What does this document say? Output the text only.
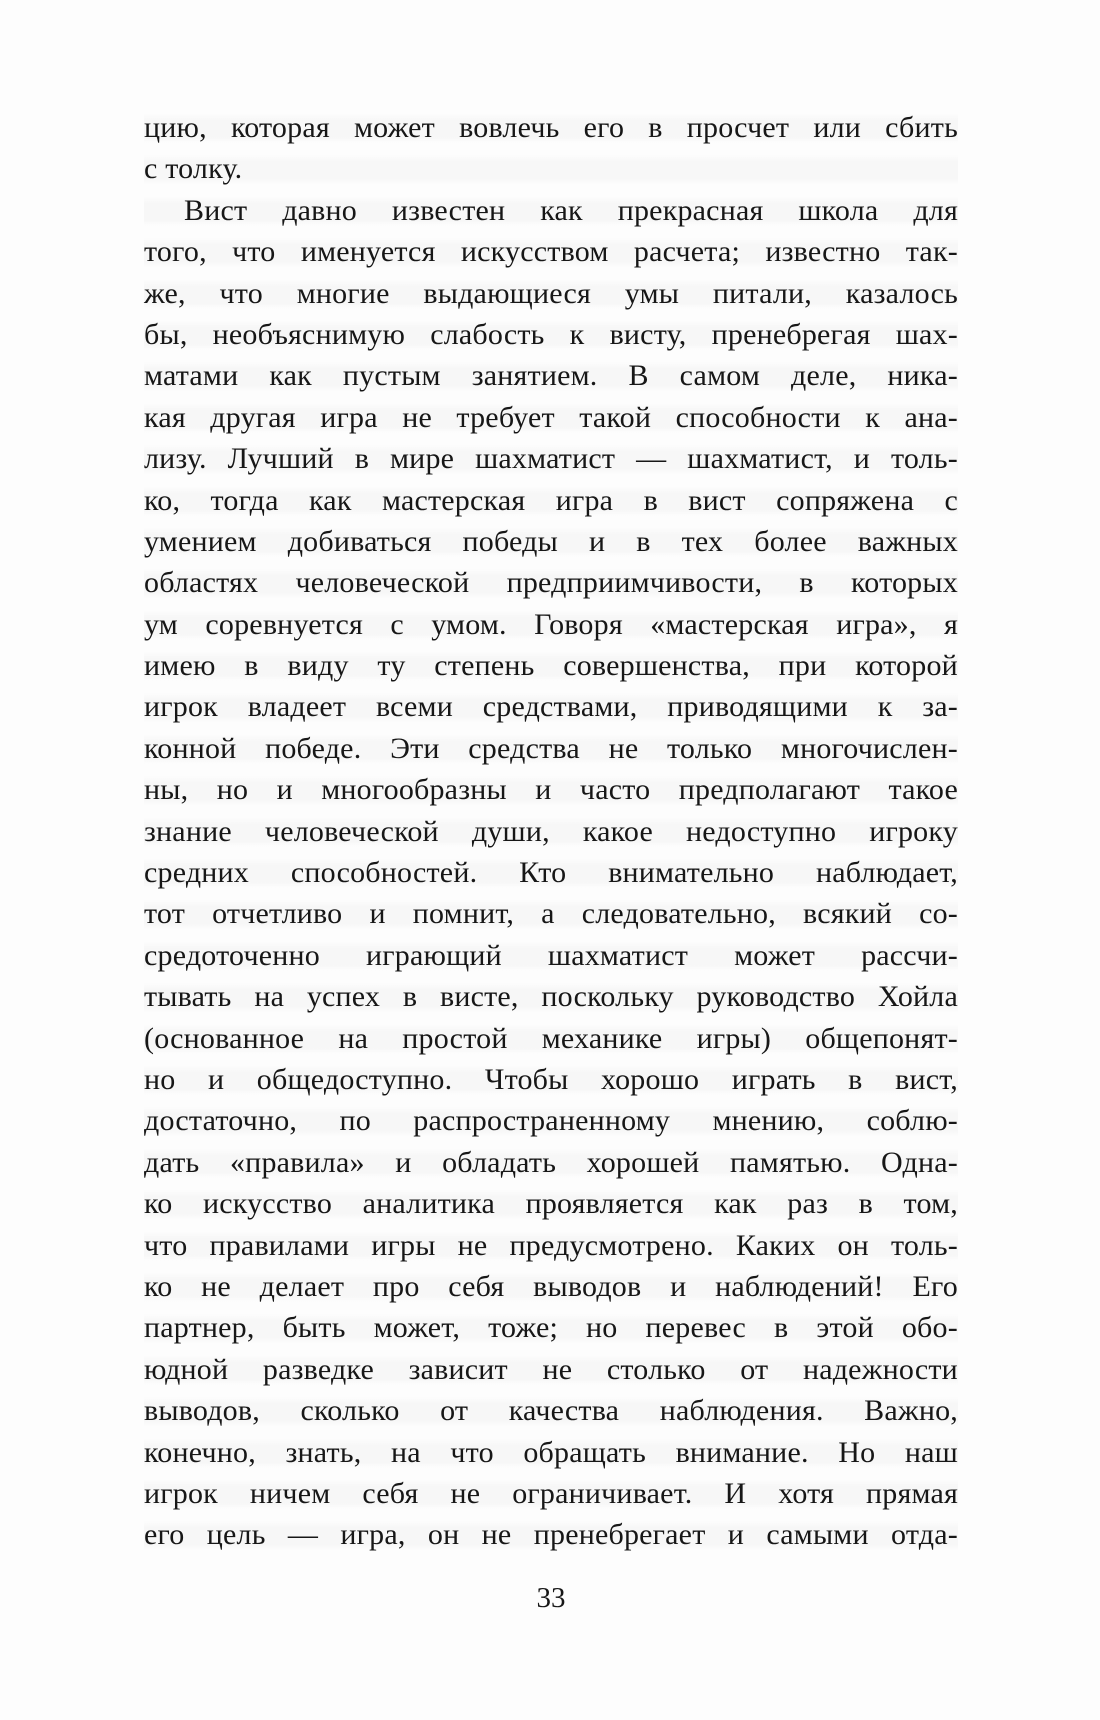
цию, которая может вовлечь его в просчет или сбить
с толку.
Вист давно известен как прекрасная школа для
того, что именуется искусством расчета; известно так-
же, что многие выдающиеся умы питали, казалось
бы, необъяснимую слабость к висту, пренебрегая шах-
матами как пустым занятием. В самом деле, ника-
кая другая игра не требует такой способности к ана-
лизу. Лучший в мире шахматист — шахматист, и толь-
ко, тогда как мастерская игра в вист сопряжена с
умением добиваться победы и в тех более важных
областях человеческой предприимчивости, в которых
ум соревнуется с умом. Говоря «мастерская игра», я
имею в виду ту степень совершенства, при которой
игрок владеет всеми средствами, приводящими к за-
конной победе. Эти средства не только многочислен-
ны, но и многообразны и часто предполагают такое
знание человеческой души, какое недоступно игроку
средних способностей. Кто внимательно наблюдает,
тот отчетливо и помнит, а следовательно, всякий со-
средоточенно играющий шахматист может рассчи-
тывать на успех в висте, поскольку руководство Хойла
(основанное на простой механике игры) общепонят-
но и общедоступно. Чтобы хорошо играть в вист,
достаточно, по распространенному мнению, соблю-
дать «правила» и обладать хорошей памятью. Одна-
ко искусство аналитика проявляется как раз в том,
что правилами игры не предусмотрено. Каких он толь-
ко не делает про себя выводов и наблюдений! Его
партнер, быть может, тоже; но перевес в этой обо-
юдной разведке зависит не столько от надежности
выводов, сколько от качества наблюдения. Важно,
конечно, знать, на что обращать внимание. Но наш
игрок ничем себя не ограничивает. И хотя прямая
его цель — игра, он не пренебрегает и самыми отда-
33
